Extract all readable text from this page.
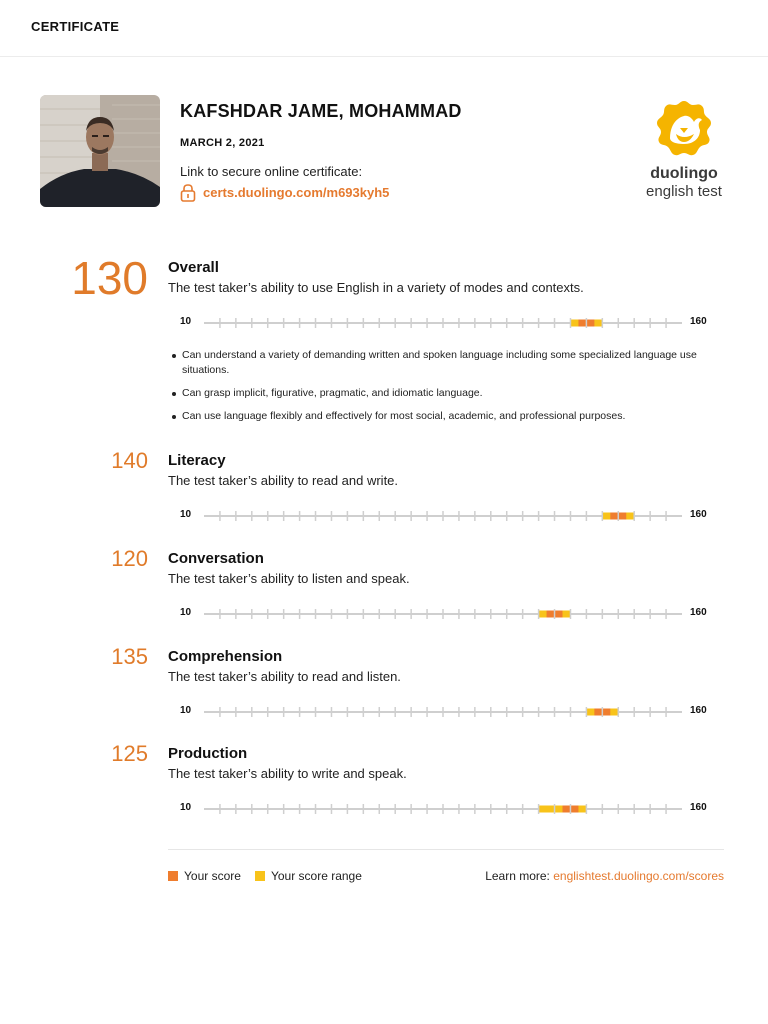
CERTIFICATE
KAFSHDAR JAME, MOHAMMAD
MARCH 2, 2021
Link to secure online certificate:
certs.duolingo.com/m693kyh5
duolingo
english test
130 Overall
The test taker’s ability to use English in a variety of modes and contexts.
10	160
Can understand a variety of demanding written and spoken language including some specialized language use situations.
Can grasp implicit, figurative, pragmatic, and idiomatic language.
Can use language flexibly and effectively for most social, academic, and professional purposes.
140 Literacy
The test taker’s ability to read and write.
10	160
120 Conversation
The test taker’s ability to listen and speak.
10	160
135 Comprehension
The test taker’s ability to read and listen.
10	160
125 Production
The test taker’s ability to write and speak.
10	160
Your score	Your score range	Learn more: englishtest.duolingo.com/scores
